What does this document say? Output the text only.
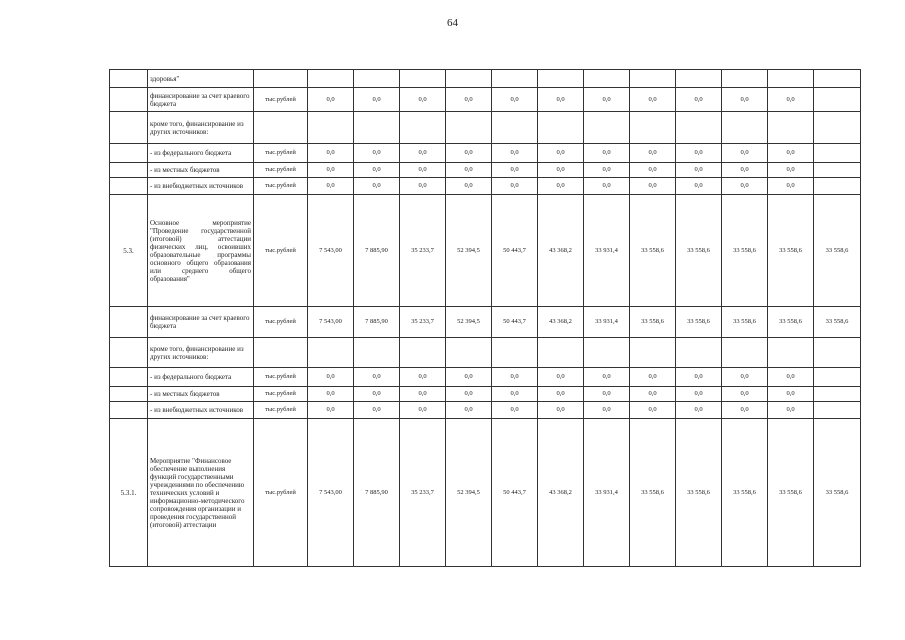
64
	здоровья"													
	финансирование за счет краевого бюджета	тыс.рублей	0,0	0,0	0,0	0,0	0,0	0,0	0,0	0,0	0,0	0,0	0,0	
	кроме того, финансирование из других источников:													
	- из федерального бюджета	тыс.рублей	0,0	0,0	0,0	0,0	0,0	0,0	0,0	0,0	0,0	0,0	0,0	
	- из местных бюджетов	тыс.рублей	0,0	0,0	0,0	0,0	0,0	0,0	0,0	0,0	0,0	0,0	0,0	
	- из внебюджетных источников	тыс.рублей	0,0	0,0	0,0	0,0	0,0	0,0	0,0	0,0	0,0	0,0	0,0	
5.3.	Основное мероприятие "Проведение государственной (итоговой) аттестации физических лиц, освоивших образовательные программы основного общего образования или среднего общего образования"	тыс.рублей	7 543,00	7 885,90	35 233,7	52 394,5	50 443,7	43 368,2	33 931,4	33 558,6	33 558,6	33 558,6	33 558,6	33 558,6
	финансирование за счет краевого бюджета	тыс.рублей	7 543,00	7 885,90	35 233,7	52 394,5	50 443,7	43 368,2	33 931,4	33 558,6	33 558,6	33 558,6	33 558,6	33 558,6
	кроме того, финансирование из других источников:													
	- из федерального бюджета	тыс.рублей	0,0	0,0	0,0	0,0	0,0	0,0	0,0	0,0	0,0	0,0	0,0	
	- из местных бюджетов	тыс.рублей	0,0	0,0	0,0	0,0	0,0	0,0	0,0	0,0	0,0	0,0	0,0	
	- из внебюджетных источников	тыс.рублей	0,0	0,0	0,0	0,0	0,0	0,0	0,0	0,0	0,0	0,0	0,0	
5.3.1.	Мероприятие "Финансовое обеспечение выполнения функций государственными учреждениями по обеспечению технических условий и информационно-методического сопровождения организации и проведения государственной (итоговой) аттестации	тыс.рублей	7 543,00	7 885,90	35 233,7	52 394,5	50 443,7	43 368,2	33 931,4	33 558,6	33 558,6	33 558,6	33 558,6	33 558,6
